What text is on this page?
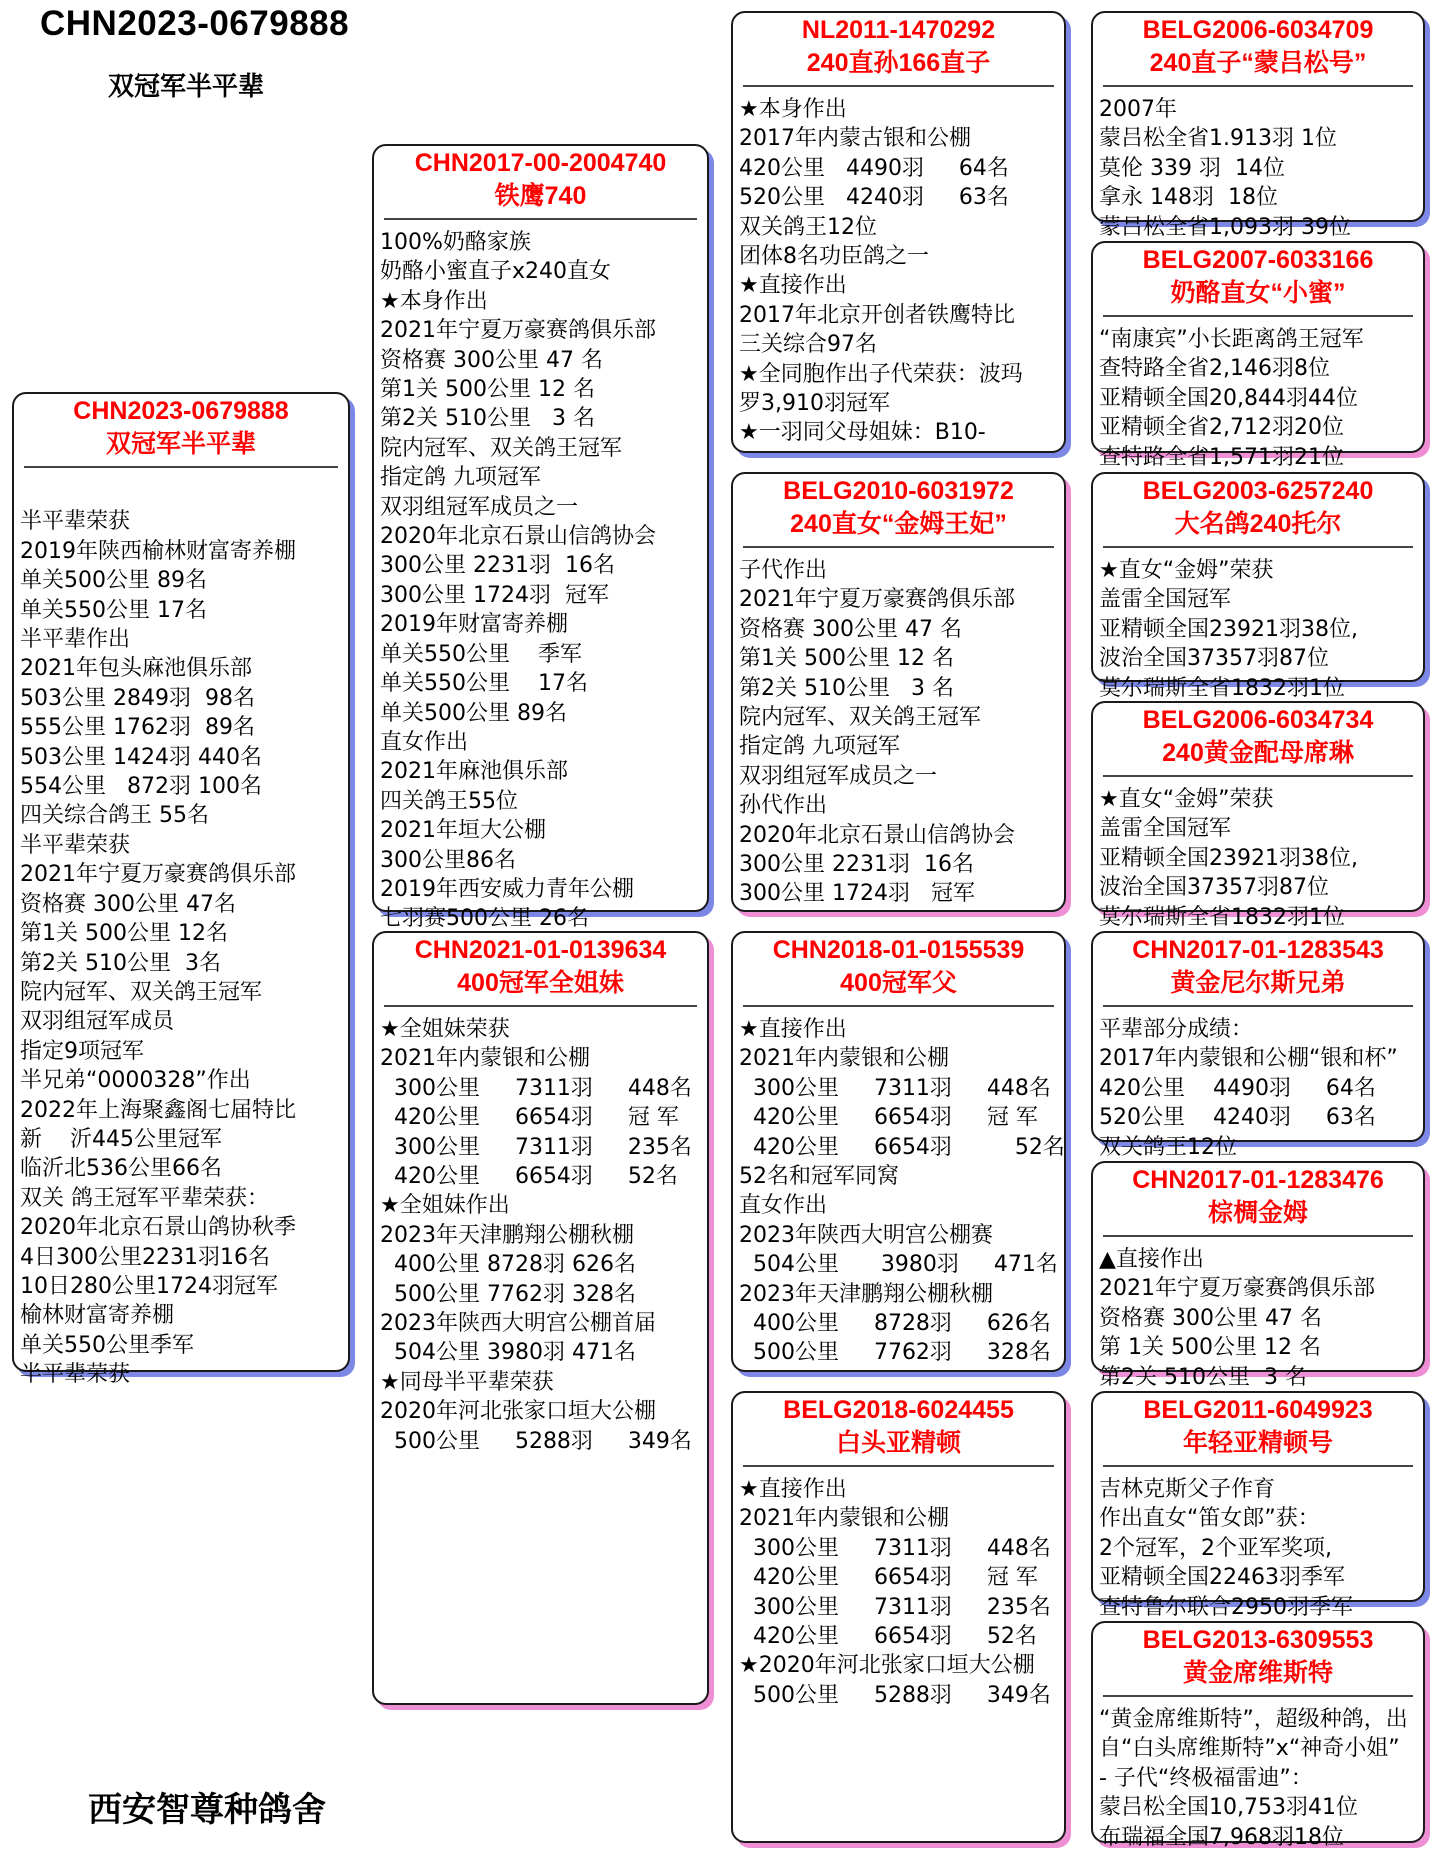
CHN2023-0679888
双冠军半平辈
CHN2023-0679888
双冠军半平辈

半平辈荣获
2019年陕西榆林财富寄养棚
单关500公里 89名
单关550公里 17名
半平辈作出
2021年包头麻池俱乐部
503公里 2849羽  98名
555公里 1762羽  89名
503公里 1424羽 440名
554公里   872羽 100名
四关综合鸽王 55名
半平辈荣获
2021年宁夏万豪赛鸽俱乐部
资格赛 300公里 47名
第1关 500公里 12名
第2关 510公里  3名
院内冠军、双关鸽王冠军
双羽组冠军成员
指定9项冠军
半兄弟“0000328”作出
2022年上海聚鑫阁七届特比
新    沂445公里冠军
临沂北536公里66名
双关 鸽王冠军平辈荣获：
2020年北京石景山鸽协秋季
4日300公里2231羽16名
10日280公里1724羽冠军
榆林财富寄养棚
单关550公里季军
半平辈荣获
CHN2017-00-2004740
铁鹰740
100%奶酪家族
奶酪小蜜直子x240直女
★本身作出
2021年宁夏万豪赛鸽俱乐部
资格赛 300公里 47 名
第1关 500公里 12 名
第2关 510公里   3 名
院内冠军、双关鸽王冠军
指定鸽 九项冠军
双羽组冠军成员之一
2020年北京石景山信鸽协会
300公里 2231羽  16名
300公里 1724羽  冠军
2019年财富寄养棚
单关550公里    季军
单关550公里    17名
单关500公里 89名
直女作出
2021年麻池俱乐部
四关鸽王55位
2021年垣大公棚
300公里86名
2019年西安威力青年公棚
七羽赛500公里 26名
CHN2021-01-0139634
400冠军全姐妹
★全姐妹荣获
2021年内蒙银和公棚
300公里     7311羽     448名
420公里     6654羽     冠 军
300公里     7311羽     235名
420公里     6654羽     52名
★全姐妹作出
2023年天津鹏翔公棚秋棚
400公里 8728羽 626名
500公里 7762羽 328名
2023年陕西大明宫公棚首届
504公里 3980羽 471名
★同母半平辈荣获
2020年河北张家口垣大公棚
500公里     5288羽     349名
NL2011-1470292
240直孙166直子
★本身作出
2017年内蒙古银和公棚
420公里   4490羽     64名
520公里   4240羽     63名
双关鸽王12位
团体8名功臣鸽之一
★直接作出
2017年北京开创者铁鹰特比
三关综合97名
★全同胞作出子代荣获：波玛
罗3,910羽冠军
★一羽同父母姐妹：B10-
BELG2010-6031972
240直女“金姆王妃”
子代作出
2021年宁夏万豪赛鸽俱乐部
资格赛 300公里 47 名
第1关 500公里 12 名
第2关 510公里   3 名
院内冠军、双关鸽王冠军
指定鸽 九项冠军
双羽组冠军成员之一
孙代作出
2020年北京石景山信鸽协会
300公里 2231羽  16名
300公里 1724羽   冠军
CHN2018-01-0155539
400冠军父
★直接作出
2021年内蒙银和公棚
300公里     7311羽     448名
420公里     6654羽     冠 军
420公里     6654羽         52名
52名和冠军同窝
直女作出
2023年陕西大明宫公棚赛
504公里      3980羽     471名
2023年天津鹏翔公棚秋棚
400公里     8728羽     626名
500公里     7762羽     328名
BELG2018-6024455
白头亚精顿
★直接作出
2021年内蒙银和公棚
300公里     7311羽     448名
420公里     6654羽     冠 军
300公里     7311羽     235名
420公里     6654羽     52名
★2020年河北张家口垣大公棚
500公里     5288羽     349名
BELG2006-6034709
240直子“蒙吕松号”
2007年
蒙吕松全省1.913羽 1位
莫伦 339 羽  14位
拿永 148羽  18位
蒙吕松全省1,093羽 39位
BELG2007-6033166
奶酪直女“小蜜”
“南康宾”小长距离鸽王冠军
查特路全省2,146羽8位
亚精顿全国20,844羽44位
亚精顿全省2,712羽20位
查特路全省1,571羽21位
BELG2003-6257240
大名鸽240托尔
★直女“金姆”荣获
盖雷全国冠军
亚精顿全国23921羽38位,
波治全国37357羽87位
莫尔瑞斯全省1832羽1位
BELG2006-6034734
240黄金配母席琳
★直女“金姆”荣获
盖雷全国冠军
亚精顿全国23921羽38位,
波治全国37357羽87位
莫尔瑞斯全省1832羽1位
CHN2017-01-1283543
黄金尼尔斯兄弟
平辈部分成绩：
2017年内蒙银和公棚“银和杯”
420公里    4490羽     64名
520公里    4240羽     63名
双关鸽王12位
CHN2017-01-1283476
棕椆金姆
▲直接作出
2021年宁夏万豪赛鸽俱乐部
资格赛 300公里 47 名
第 1关 500公里 12 名
第2关 510公里  3 名
BELG2011-6049923
年轻亚精顿号
吉林克斯父子作育
作出直女“笛女郎”获：
2个冠军，2个亚军奖项,
亚精顿全国22463羽季军
查特鲁尔联合2950羽季军
BELG2013-6309553
黄金席维斯特
“黄金席维斯特”，超级种鸽，出
自“白头席维斯特”x“神奇小姐”
- 子代“终极福雷迪”：
蒙吕松全国10,753羽41位
布瑞福全国7,968羽18位
西安智尊种鸽舍
